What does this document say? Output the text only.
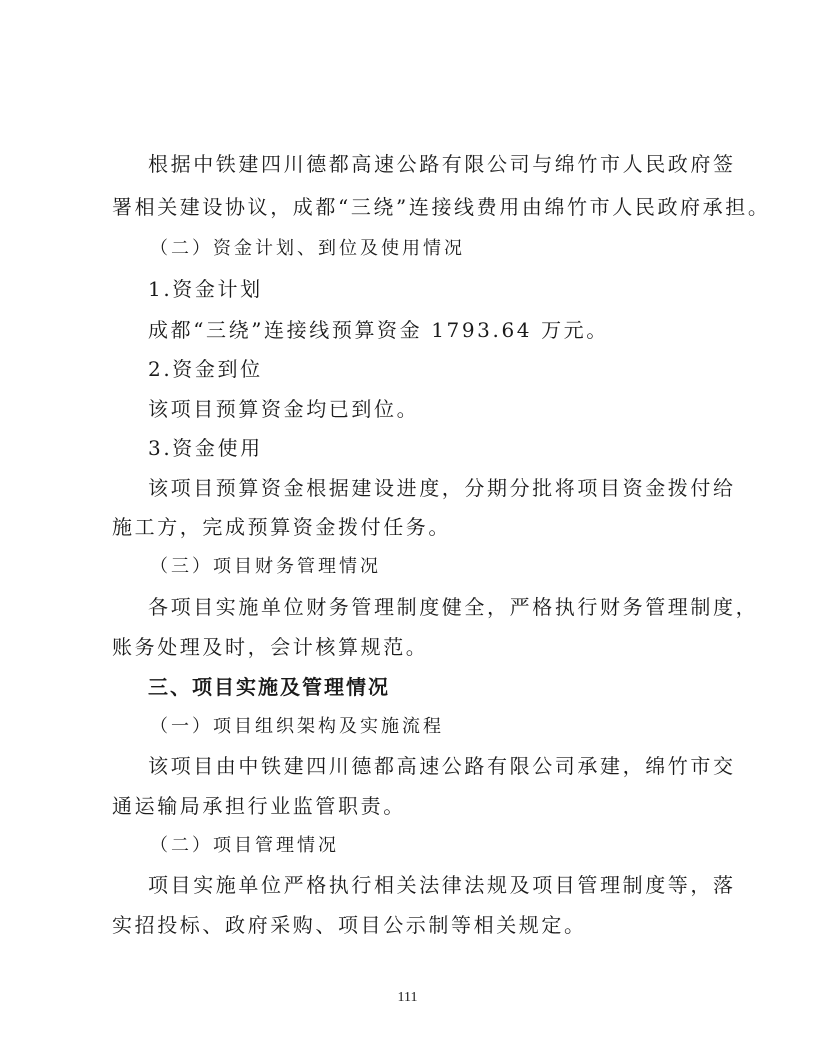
根据中铁建四川德都高速公路有限公司与绵竹市人民政府签
署相关建设协议，成都“三绕”连接线费用由绵竹市人民政府承担。
（二）资金计划、到位及使用情况
1.资金计划
成都“三绕”连接线预算资金 1793.64 万元。
2.资金到位
该项目预算资金均已到位。
3.资金使用
该项目预算资金根据建设进度，分期分批将项目资金拨付给
施工方，完成预算资金拨付任务。
（三）项目财务管理情况
各项目实施单位财务管理制度健全，严格执行财务管理制度，
账务处理及时，会计核算规范。
三、项目实施及管理情况
（一）项目组织架构及实施流程
该项目由中铁建四川德都高速公路有限公司承建，绵竹市交
通运输局承担行业监管职责。
（二）项目管理情况
项目实施单位严格执行相关法律法规及项目管理制度等，落
实招投标、政府采购、项目公示制等相关规定。
111
